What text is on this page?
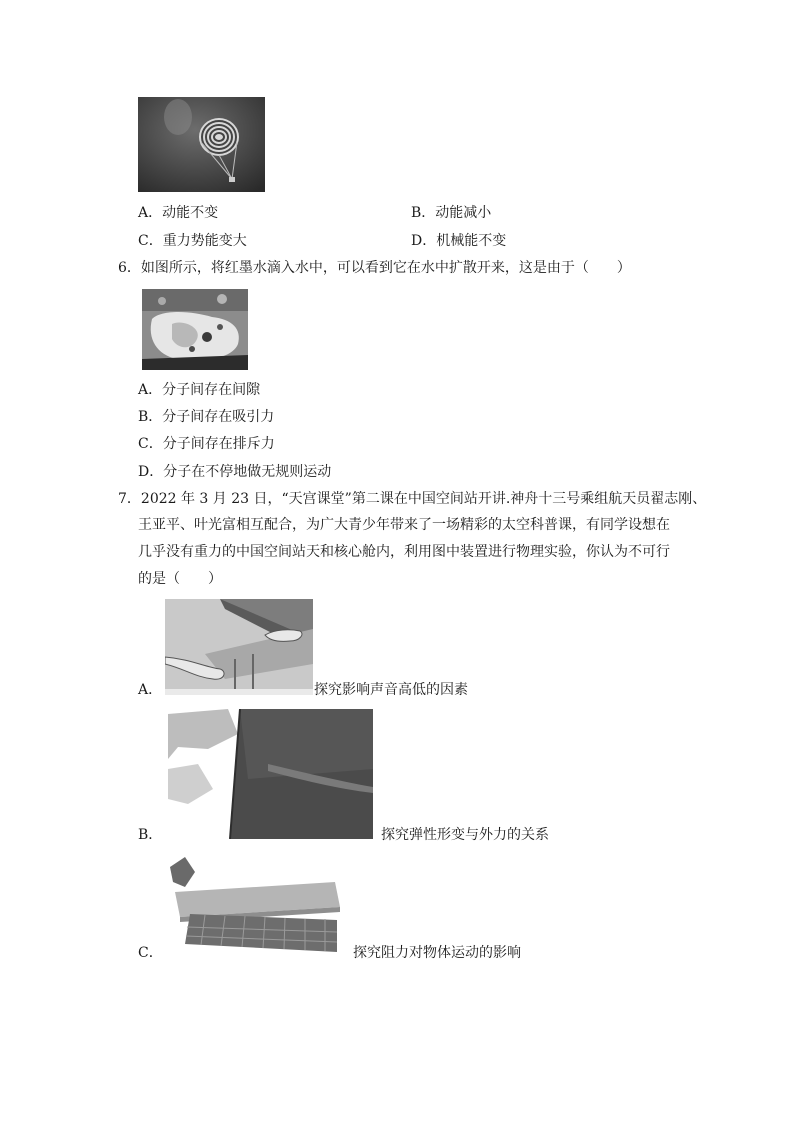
A．动能不变	B．动能减小
C．重力势能变大	D．机械能不变
6．如图所示，将红墨水滴入水中，可以看到它在水中扩散开来，这是由于（　　）
A．分子间存在间隙
B．分子间存在吸引力
C．分子间存在排斥力
D．分子在不停地做无规则运动
7．2022 年 3 月 23 日，“天宫课堂”第二课在中国空间站开讲.神舟十三号乘组航天员翟志刚、
王亚平、叶光富相互配合，为广大青少年带来了一场精彩的太空科普课，有同学设想在
几乎没有重力的中国空间站天和核心舱内，利用图中装置进行物理实验，你认为不可行
的是（　　）
A．	探究影响声音高低的因素
B．	探究弹性形变与外力的关系
C．	探究阻力对物体运动的影响
